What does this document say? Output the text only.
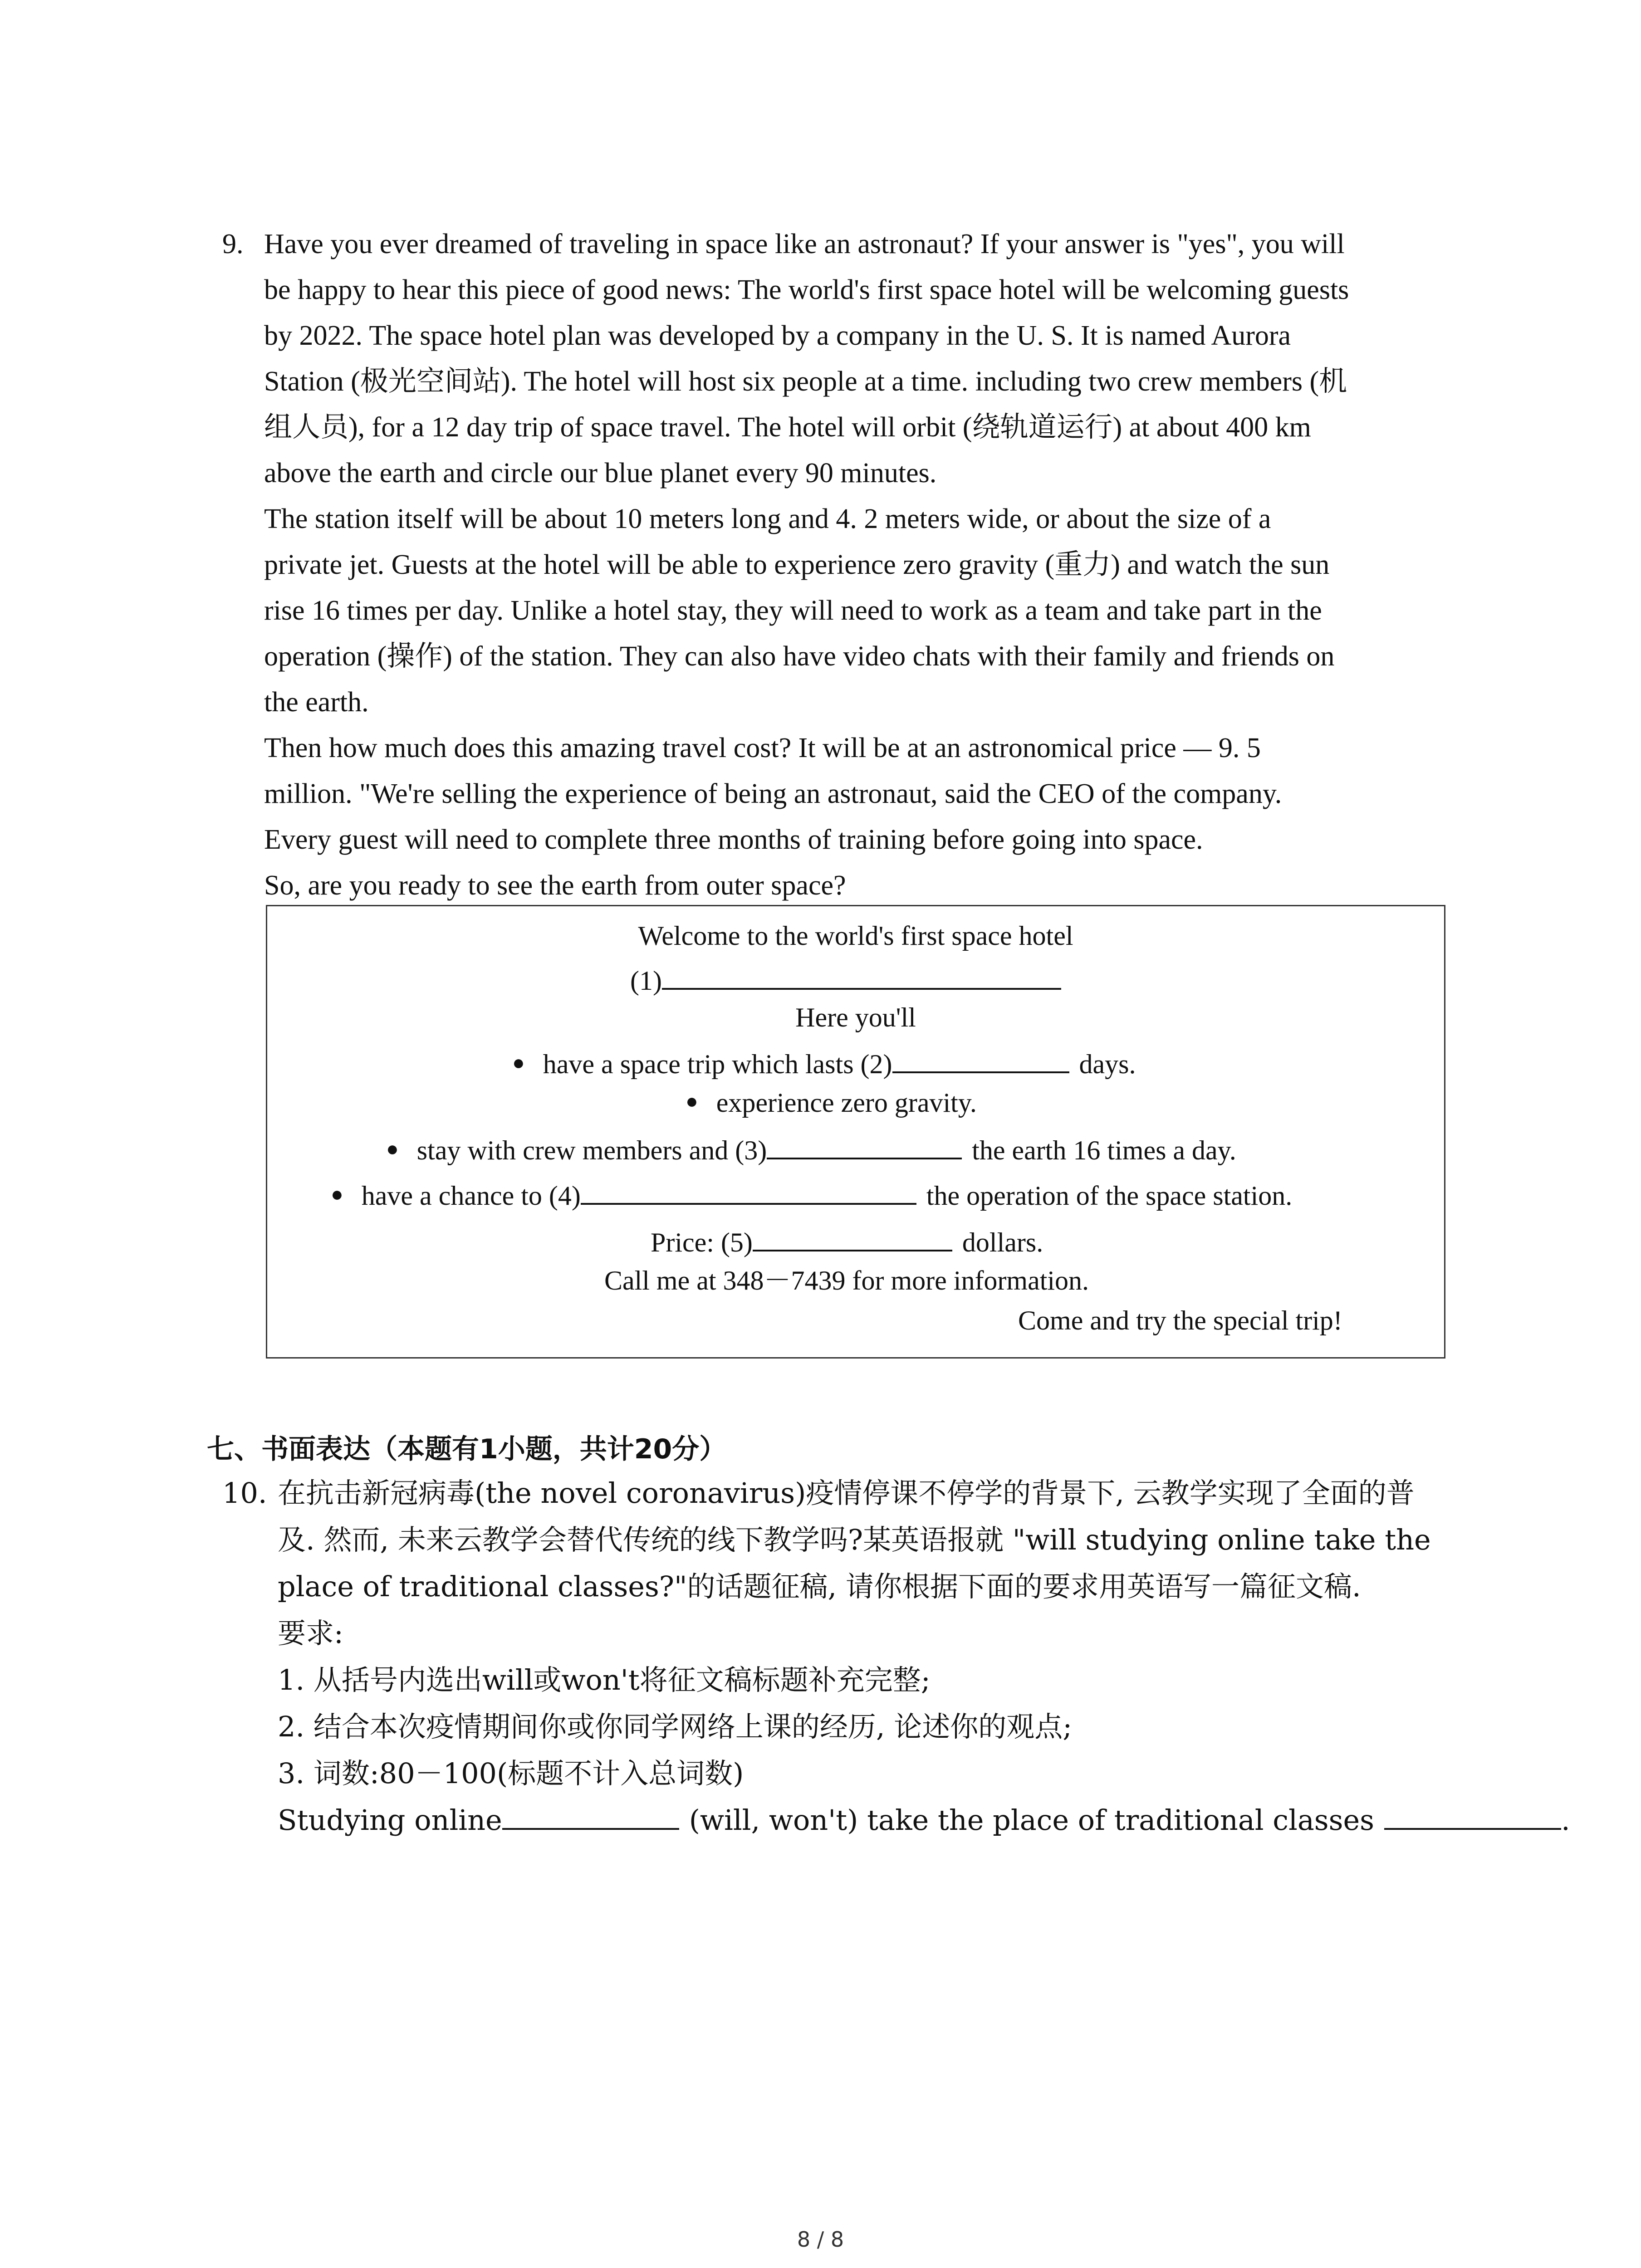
9. Have you ever dreamed of traveling in space like an astronaut? If your answer is "yes", you will
be happy to hear this piece of good news: The world's first space hotel will be welcoming guests
by 2022. The space hotel plan was developed by a company in the U. S. It is named Aurora
Station (极光空间站). The hotel will host six people at a time. including two crew members (机
组人员), for a 12 day trip of space travel. The hotel will orbit (绕轨道运行) at about 400 km
above the earth and circle our blue planet every 90 minutes.
The station itself will be about 10 meters long and 4. 2 meters wide, or about the size of a
private jet. Guests at the hotel will be able to experience zero gravity (重力) and watch the sun
rise 16 times per day. Unlike a hotel stay, they will need to work as a team and take part in the
operation (操作) of the station. They can also have video chats with their family and friends on
the earth.
Then how much does this amazing travel cost? It will be at an astronomical price — 9. 5
million. "We're selling the experience of being an astronaut, said the CEO of the company.
Every guest will need to complete three months of training before going into space.
So, are you ready to see the earth from outer space?
Welcome to the world's first space hotel
(1)
Here you'll
● have a space trip which lasts (2)	days.
● experience zero gravity.
● stay with crew members and (3)	the earth 16 times a day.
● have a chance to (4)	the operation of the space station.
Price: (5)	dollars.
Call me at 348－7439 for more information.
Come and try the special trip!
七、书面表达（本题有1小题，共计20分）
10. 在抗击新冠病毒(the novel coronavirus)疫情停课不停学的背景下, 云教学实现了全面的普
及. 然而, 未来云教学会替代传统的线下教学吗?某英语报就 "will studying online take the
place of traditional classes?"的话题征稿, 请你根据下面的要求用英语写一篇征文稿.
要求:
1. 从括号内选出will或won't将征文稿标题补充完整;
2. 结合本次疫情期间你或你同学网络上课的经历, 论述你的观点;
3. 词数:80－100(标题不计入总词数)
Studying online	(will, won't) take the place of traditional classes	.
8 / 8
